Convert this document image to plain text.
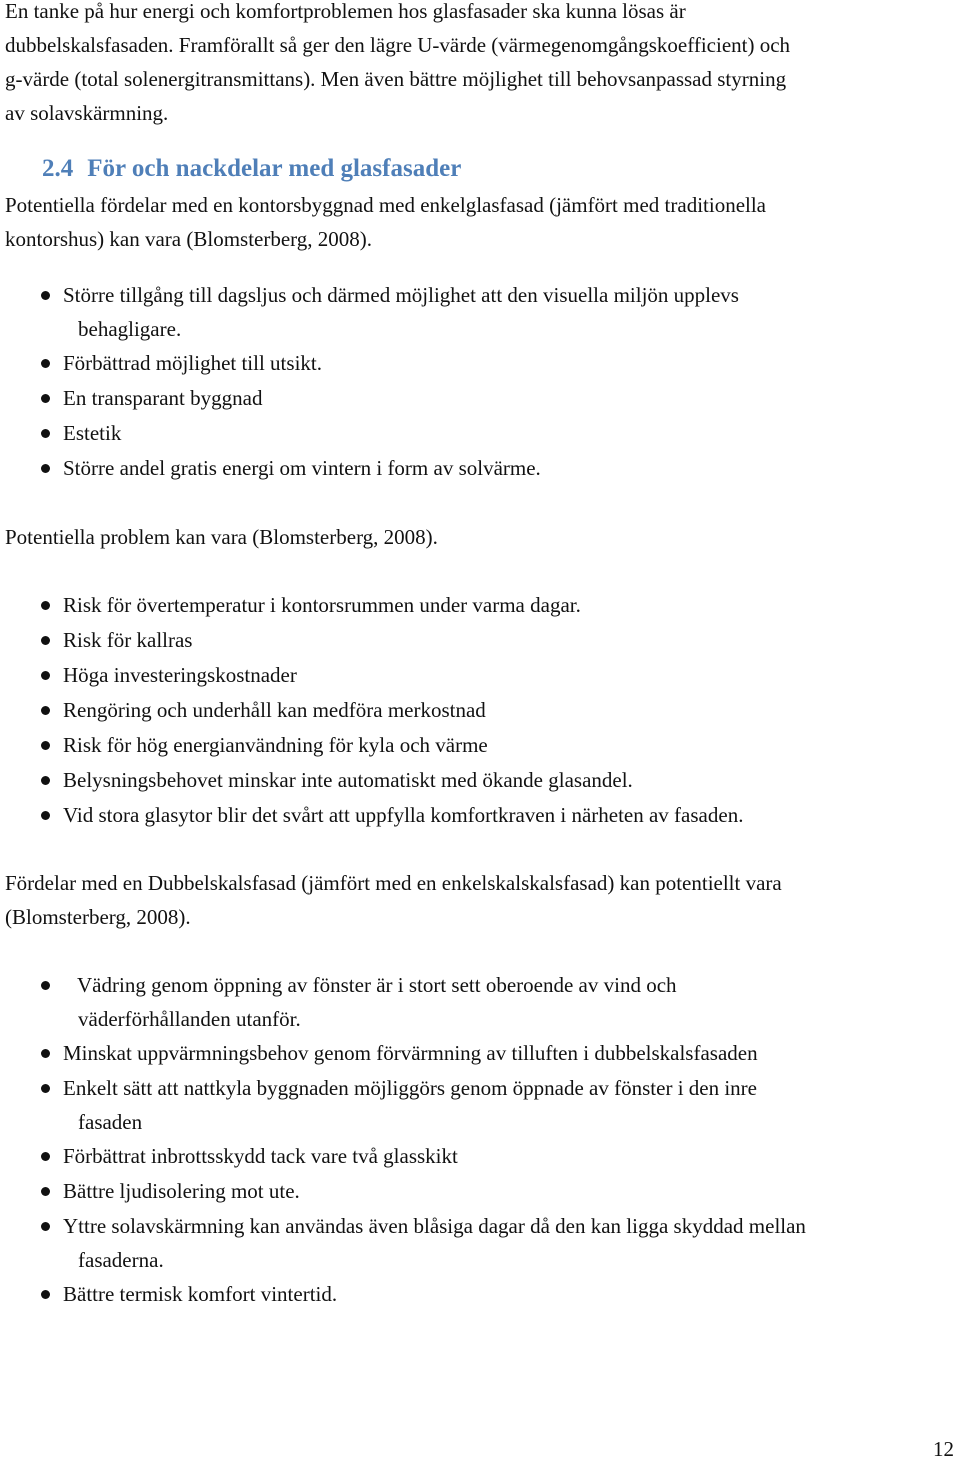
En tanke på hur energi och komfortproblemen hos glasfasader ska kunna lösas är
dubbelskalsfasaden. Framförallt så ger den lägre U-värde (värmegenomgångskoefficient) och
g-värde (total solenergitransmittans). Men även bättre möjlighet till behovsanpassad styrning
av solavskärmning.

2.4 För och nackdelar med glasfasader

Potentiella fördelar med en kontorsbyggnad med enkelglasfasad (jämfört med traditionella
kontorshus) kan vara (Blomsterberg, 2008).

Större tillgång till dagsljus och därmed möjlighet att den visuella miljön upplevs
behagligare.
Förbättrad möjlighet till utsikt.
En transparant byggnad
Estetik
Större andel gratis energi om vintern i form av solvärme.

Potentiella problem kan vara (Blomsterberg, 2008).

Risk för övertemperatur i kontorsrummen under varma dagar.
Risk för kallras
Höga investeringskostnader
Rengöring och underhåll kan medföra merkostnad
Risk för hög energianvändning för kyla och värme
Belysningsbehovet minskar inte automatiskt med ökande glasandel.
Vid stora glasytor blir det svårt att uppfylla komfortkraven i närheten av fasaden.

Fördelar med en Dubbelskalsfasad (jämfört med en enkelskalskalsfasad) kan potentiellt vara
(Blomsterberg, 2008).

Vädring genom öppning av fönster är i stort sett oberoende av vind och
väderförhållanden utanför.
Minskat uppvärmningsbehov genom förvärmning av tilluften i dubbelskalsfasaden
Enkelt sätt att nattkyla byggnaden möjliggörs genom öppnade av fönster i den inre
fasaden
Förbättrat inbrottsskydd tack vare två glasskikt
Bättre ljudisolering mot ute.
Yttre solavskärmning kan användas även blåsiga dagar då den kan ligga skyddad mellan
fasaderna.
Bättre termisk komfort vintertid.
12
